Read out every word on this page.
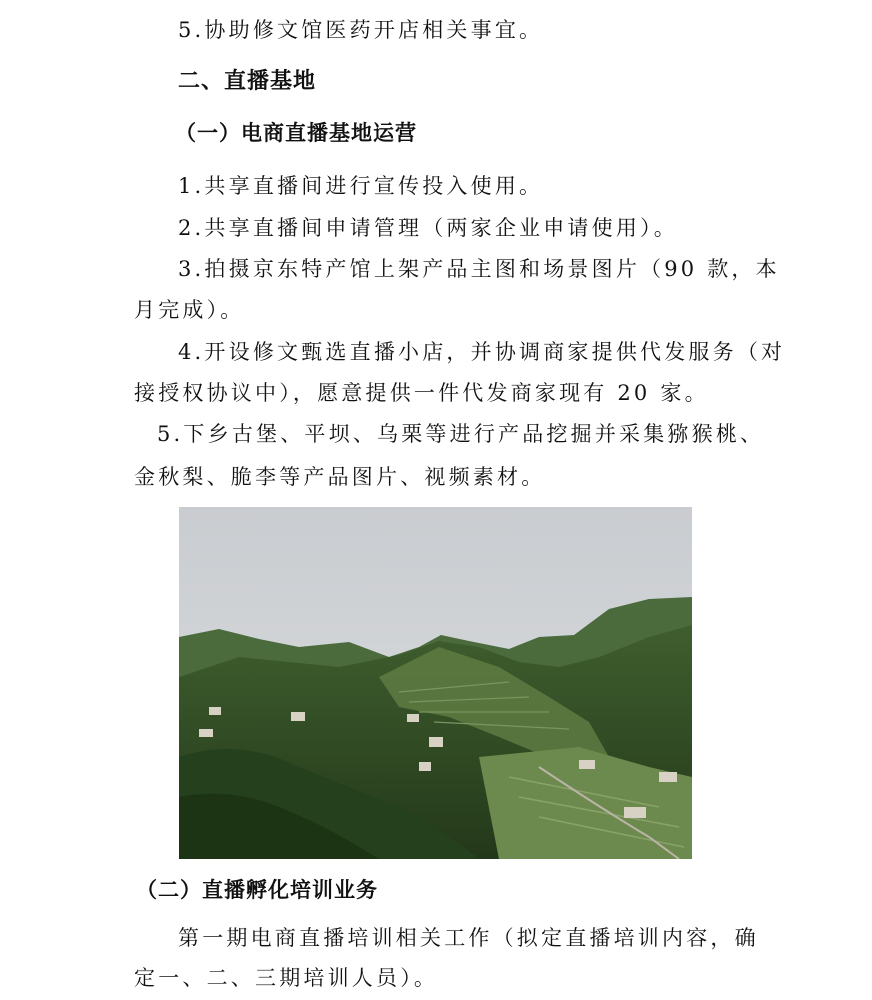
5.协助修文馆医药开店相关事宜。
二、直播基地
（一）电商直播基地运营
1.共享直播间进行宣传投入使用。
2.共享直播间申请管理（两家企业申请使用）。
3.拍摄京东特产馆上架产品主图和场景图片（90 款，本
月完成）。
4.开设修文甄选直播小店，并协调商家提供代发服务（对
接授权协议中），愿意提供一件代发商家现有 20 家。
5.下乡古堡、平坝、乌栗等进行产品挖掘并采集猕猴桃、
金秋梨、脆李等产品图片、视频素材。
（二）直播孵化培训业务
第一期电商直播培训相关工作（拟定直播培训内容，确
定一、二、三期培训人员）。
